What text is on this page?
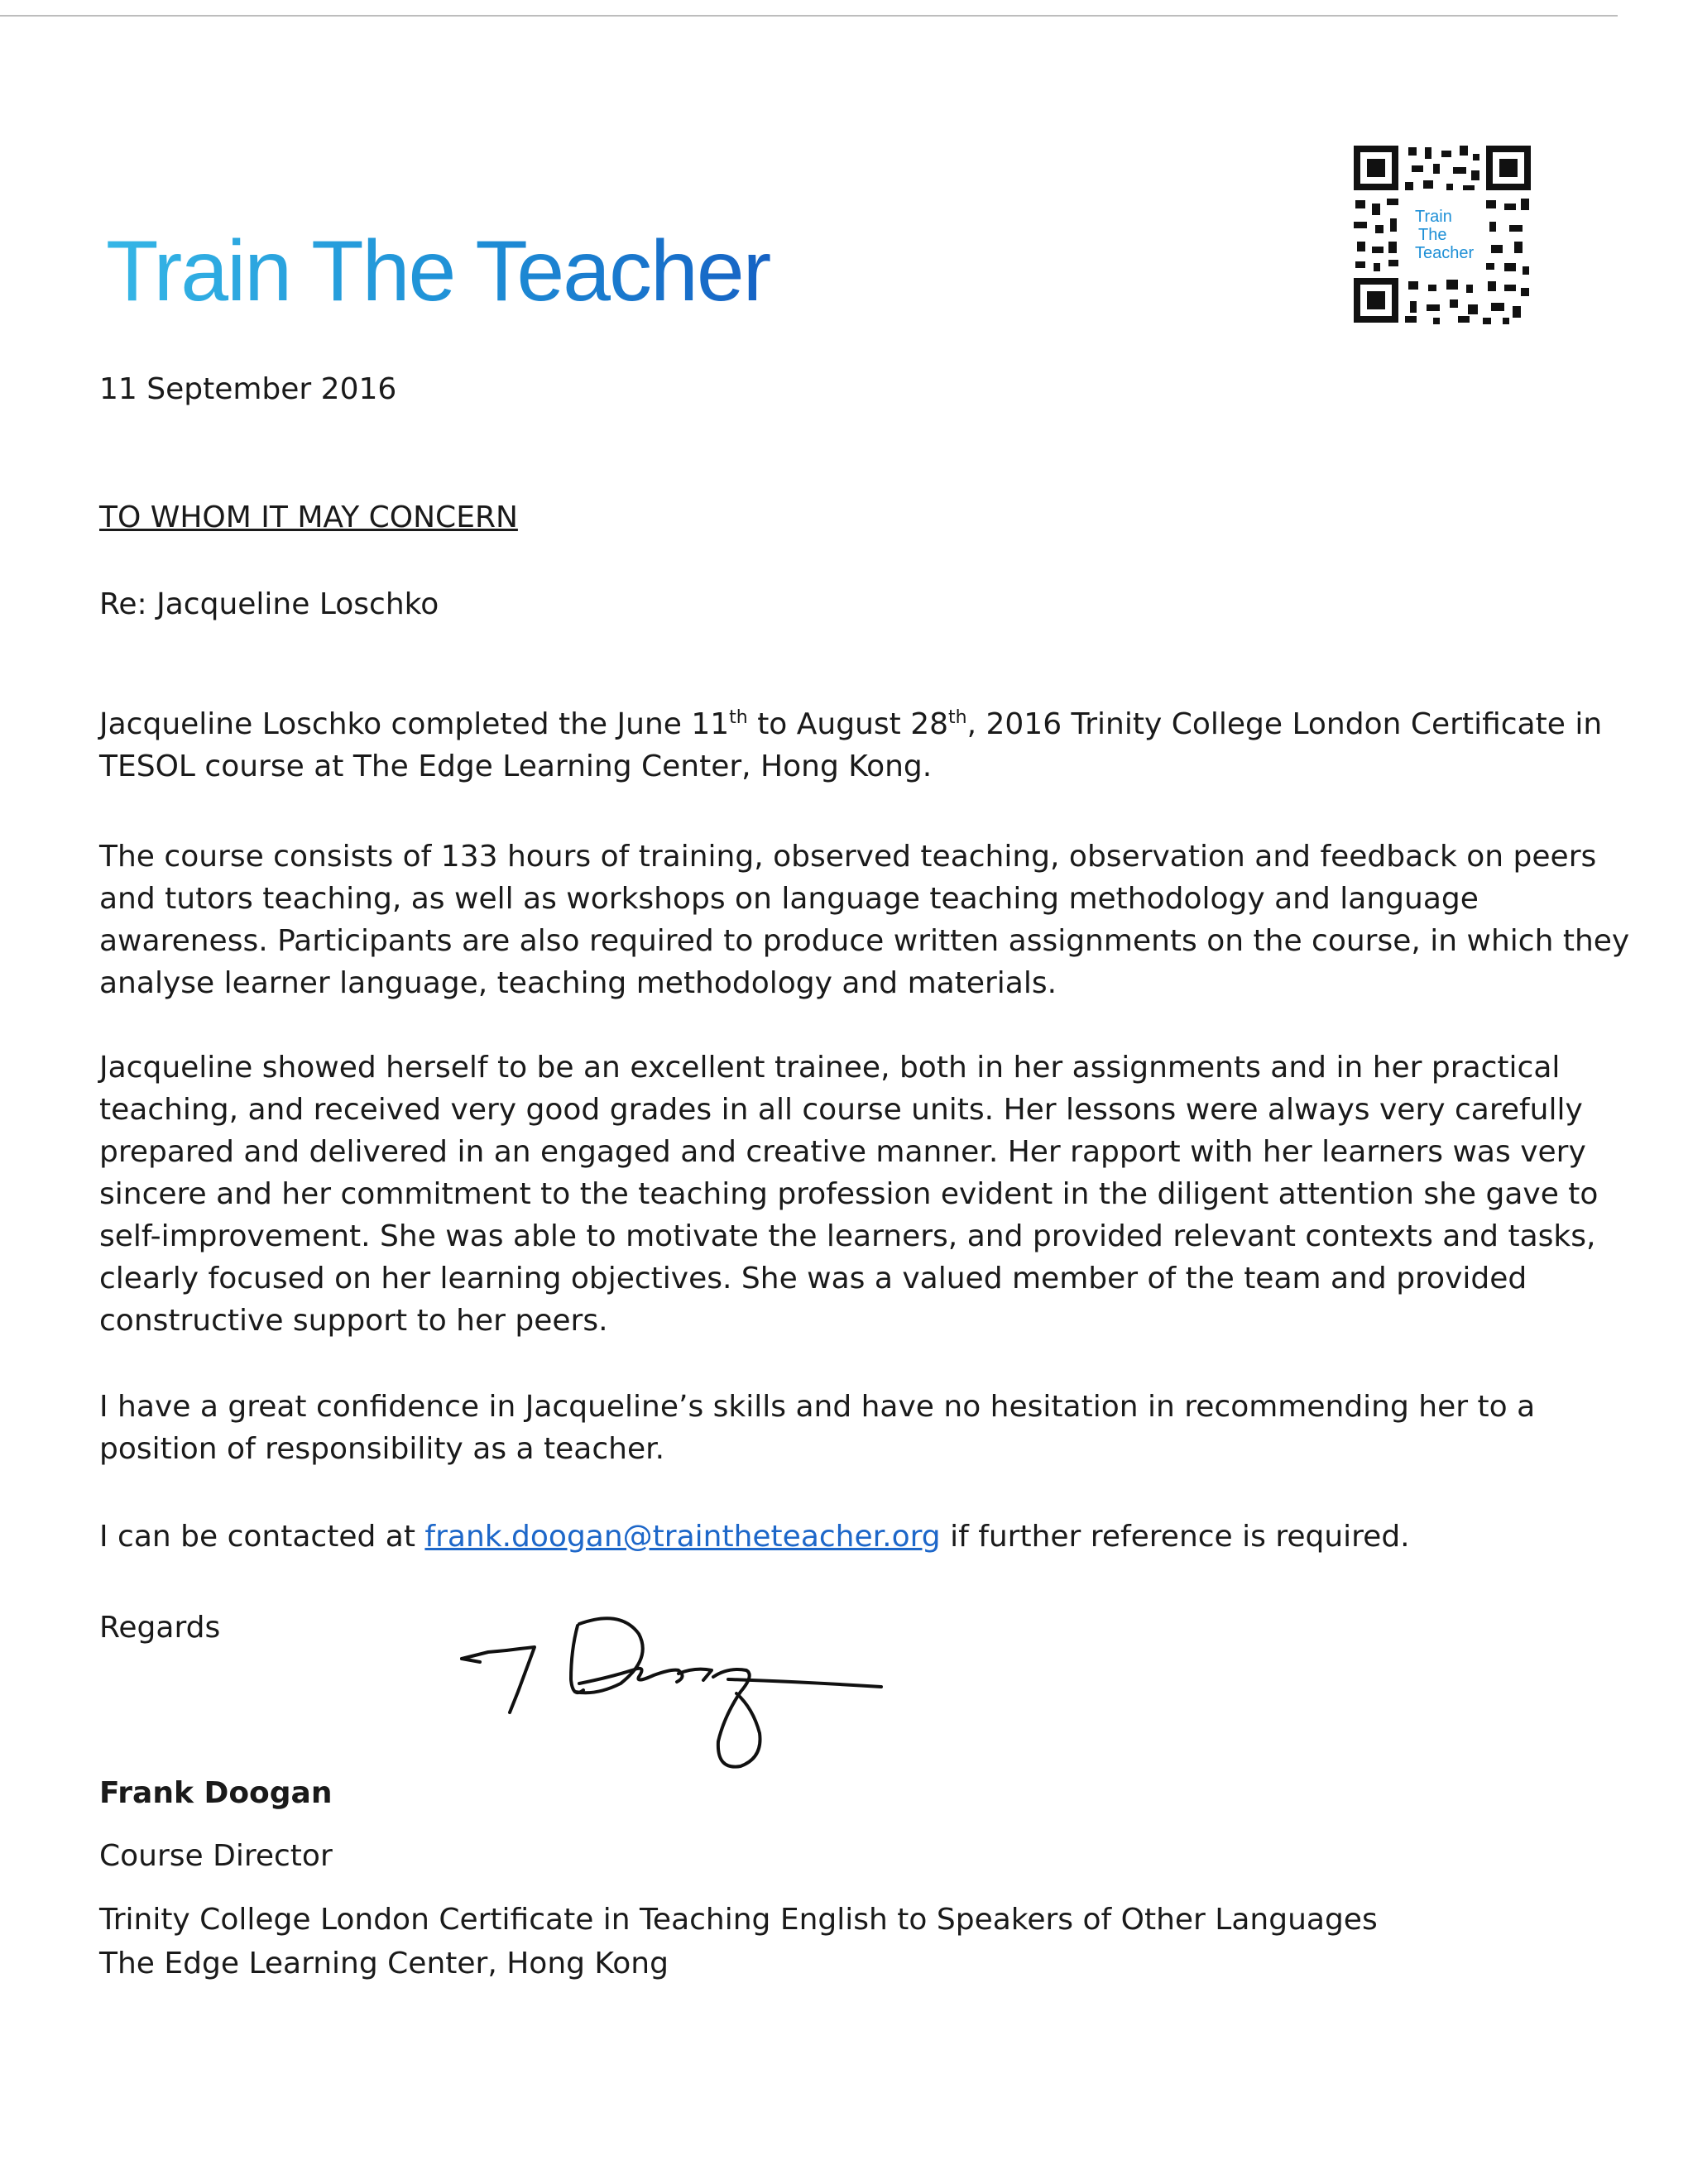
Train The Teacher
Train
The
Teacher

11 September 2016

TO WHOM IT MAY CONCERN

Re: Jacqueline Loschko

Jacqueline Loschko completed the June 11th to August 28th, 2016 Trinity College London Certificate in
TESOL course at The Edge Learning Center, Hong Kong.
The course consists of 133 hours of training, observed teaching, observation and feedback on peers
and tutors teaching, as well as workshops on language teaching methodology and language
awareness. Participants are also required to produce written assignments on the course, in which they
analyse learner language, teaching methodology and materials.
Jacqueline showed herself to be an excellent trainee, both in her assignments and in her practical
teaching, and received very good grades in all course units. Her lessons were always very carefully
prepared and delivered in an engaged and creative manner. Her rapport with her learners was very
sincere and her commitment to the teaching profession evident in the diligent attention she gave to
self-improvement. She was able to motivate the learners, and provided relevant contexts and tasks,
clearly focused on her learning objectives. She was a valued member of the team and provided
constructive support to her peers.
I have a great confidence in Jacqueline’s skills and have no hesitation in recommending her to a
position of responsibility as a teacher.

I can be contacted at frank.doogan@traintheteacher.org if further reference is required.

Regards

Frank Doogan

Course Director

Trinity College London Certificate in Teaching English to Speakers of Other Languages

The Edge Learning Center, Hong Kong
